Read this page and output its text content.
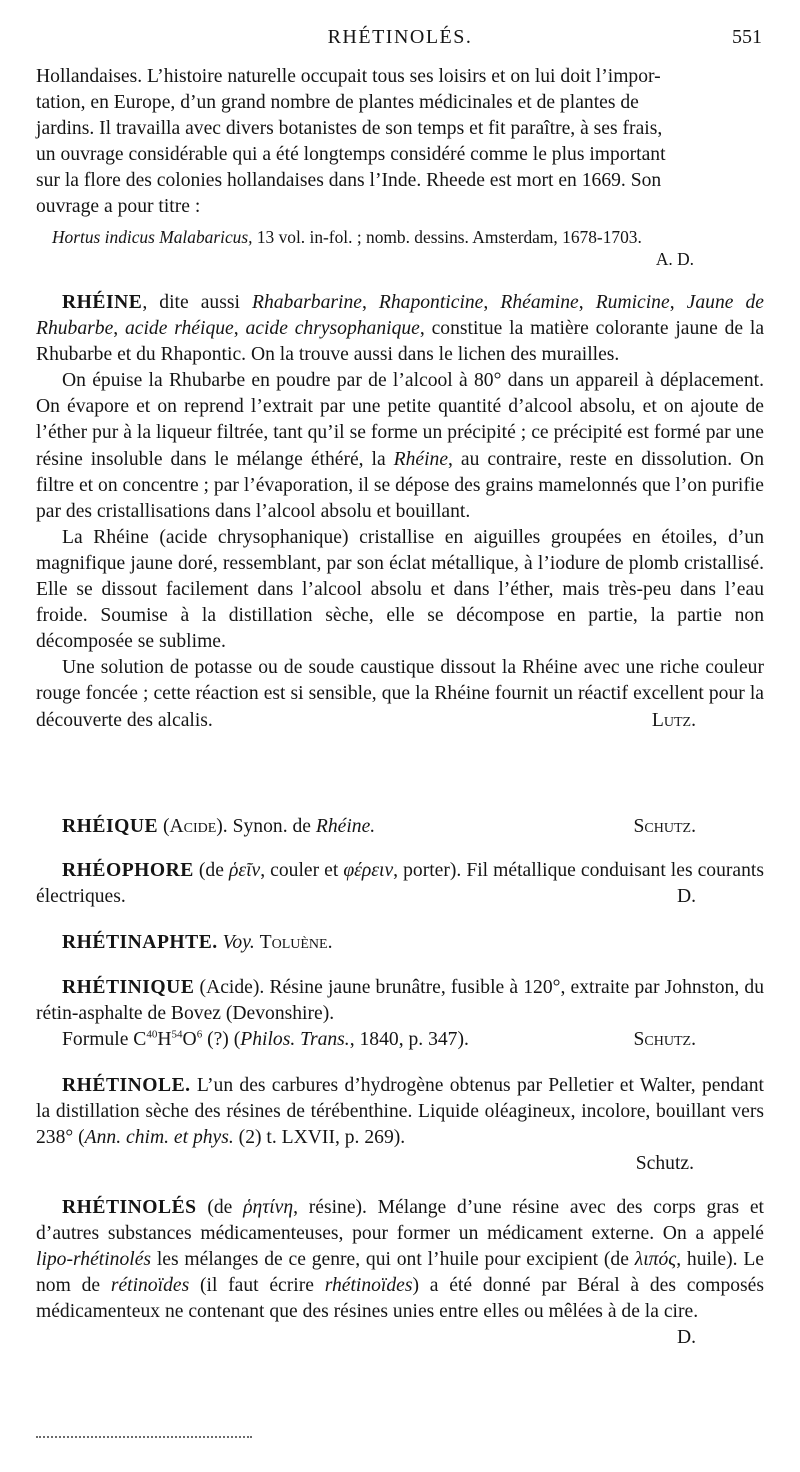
RHÉTINOLÉS.	551
Hollandaises. L’histoire naturelle occupait tous ses loisirs et on lui doit l’impor-
tation, en Europe, d’un grand nombre de plantes médicinales et de plantes de
jardins. Il travailla avec divers botanistes de son temps et fit paraître, à ses frais,
un ouvrage considérable qui a été longtemps considéré comme le plus important
sur la flore des colonies hollandaises dans l’Inde. Rheede est mort en 1669. Son
ouvrage a pour titre :
Hortus indicus Malabaricus, 13 vol. in-fol. ; nomb. dessins. Amsterdam, 1678-1703.
A. D.
RHÉINE, dite aussi Rhabarbarine, Rhaponticine, Rhéamine, Rumicine, Jaune de Rhubarbe, acide rhéique, acide chrysophanique, constitue la matière colorante jaune de la Rhubarbe et du Rhapontic. On la trouve aussi dans le lichen des murailles.
On épuise la Rhubarbe en poudre par de l’alcool à 80° dans un appareil à déplacement. On évapore et on reprend l’extrait par une petite quantité d’alcool absolu, et on ajoute de l’éther pur à la liqueur filtrée, tant qu’il se forme un précipité ; ce précipité est formé par une résine insoluble dans le mélange éthéré, la Rhéine, au contraire, reste en dissolution. On filtre et on concentre ; par l’évaporation, il se dépose des grains mamelonnés que l’on purifie par des cristallisations dans l’alcool absolu et bouillant.
La Rhéine (acide chrysophanique) cristallise en aiguilles groupées en étoiles, d’un magnifique jaune doré, ressemblant, par son éclat métallique, à l’iodure de plomb cristallisé. Elle se dissout facilement dans l’alcool absolu et dans l’éther, mais très-peu dans l’eau froide. Soumise à la distillation sèche, elle se décompose en partie, la partie non décomposée se sublime.
Une solution de potasse ou de soude caustique dissout la Rhéine avec une riche couleur rouge foncée ; cette réaction est si sensible, que la Rhéine fournit un réactif excellent pour la découverte des alcalis.	Lutz.
RHÉIQUE (Acide). Synon. de Rhéine.	Schutz.
RHÉOPHORE (de ῥεῖν, couler et φέρειν, porter). Fil métallique conduisant les courants électriques.	D.
RHÉTINAPHTE. Voy. Toluène.
RHÉTINIQUE (Acide). Résine jaune brunâtre, fusible à 120°, extraite par Johnston, du rétin-asphalte de Bovez (Devonshire).
Formule $C^{40}H^{54}O^6$ (?) (Philos. Trans., 1840, p. 347).	Schutz.
RHÉTINOLE. L’un des carbures d’hydrogène obtenus par Pelletier et Walter, pendant la distillation sèche des résines de térébenthine. Liquide oléagineux, incolore, bouillant vers 238° (Ann. chim. et phys. (2) t. LXVII, p. 269).
Schutz.
RHÉTINOLÉS (de ῥητίνη, résine). Mélange d’une résine avec des corps gras et d’autres substances médicamenteuses, pour former un médicament externe. On a appelé lipo-rhétinolés les mélanges de ce genre, qui ont l’huile pour excipient (de λιπός, huile). Le nom de rétinoïdes (il faut écrire rhétinoïdes) a été donné par Béral à des composés médicamenteux ne contenant que des résines unies entre elles ou mêlées à de la cire.
D.
